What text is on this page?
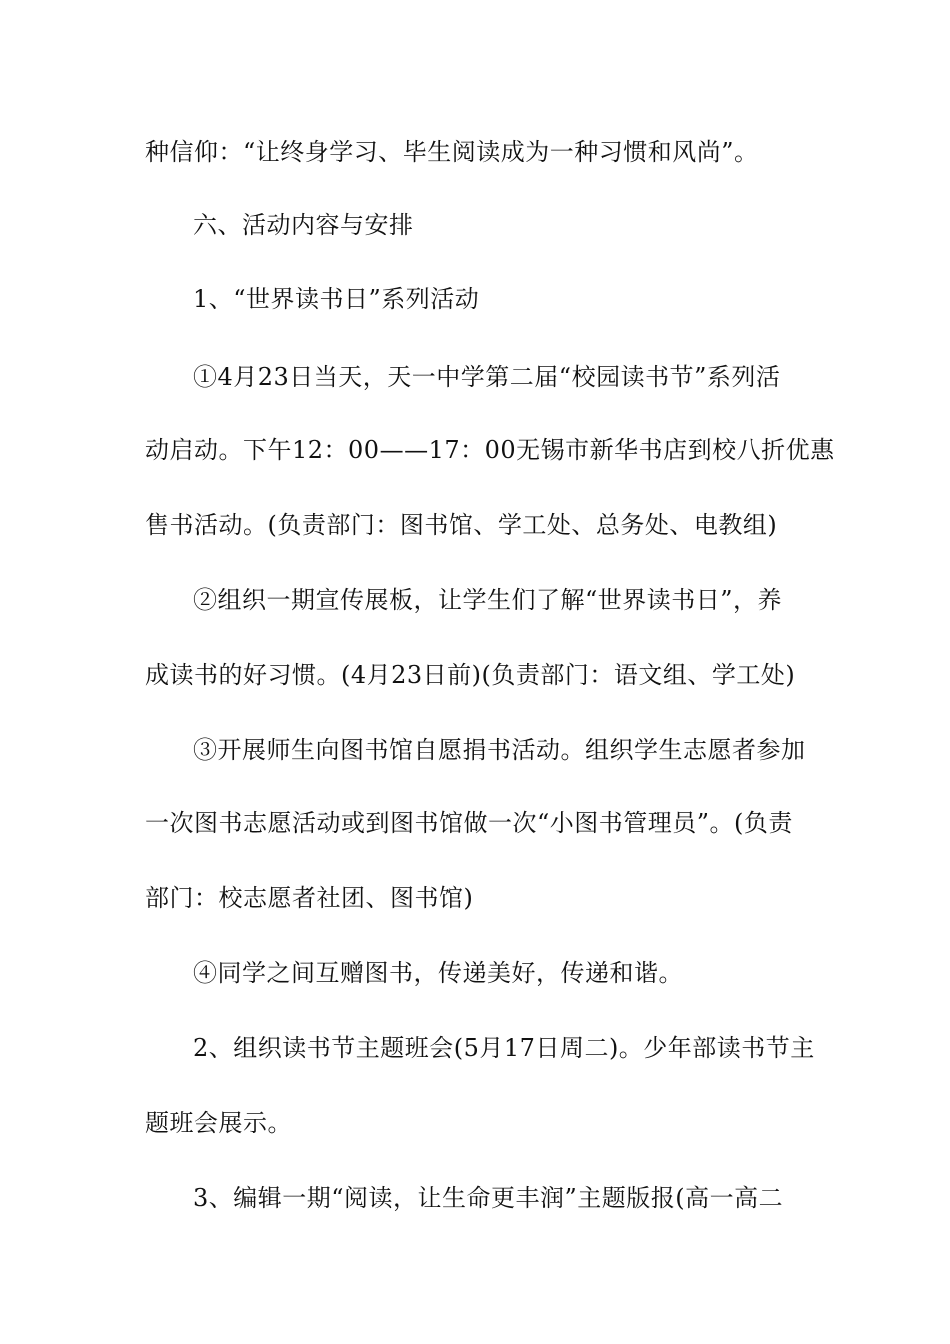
种信仰：“让终身学习、毕生阅读成为一种习惯和风尚”。
六、活动内容与安排
1、“世界读书日”系列活动
①4月23日当天，天一中学第二届“校园读书节”系列活
动启动。下午12：00——17：00无锡市新华书店到校八折优惠
售书活动。(负责部门：图书馆、学工处、总务处、电教组)
②组织一期宣传展板，让学生们了解“世界读书日”，养
成读书的好习惯。(4月23日前)(负责部门：语文组、学工处)
③开展师生向图书馆自愿捐书活动。组织学生志愿者参加
一次图书志愿活动或到图书馆做一次“小图书管理员”。(负责
部门：校志愿者社团、图书馆)
④同学之间互赠图书，传递美好，传递和谐。
2、组织读书节主题班会(5月17日周二)。少年部读书节主
题班会展示。
3、编辑一期“阅读，让生命更丰润”主题版报(高一高二
